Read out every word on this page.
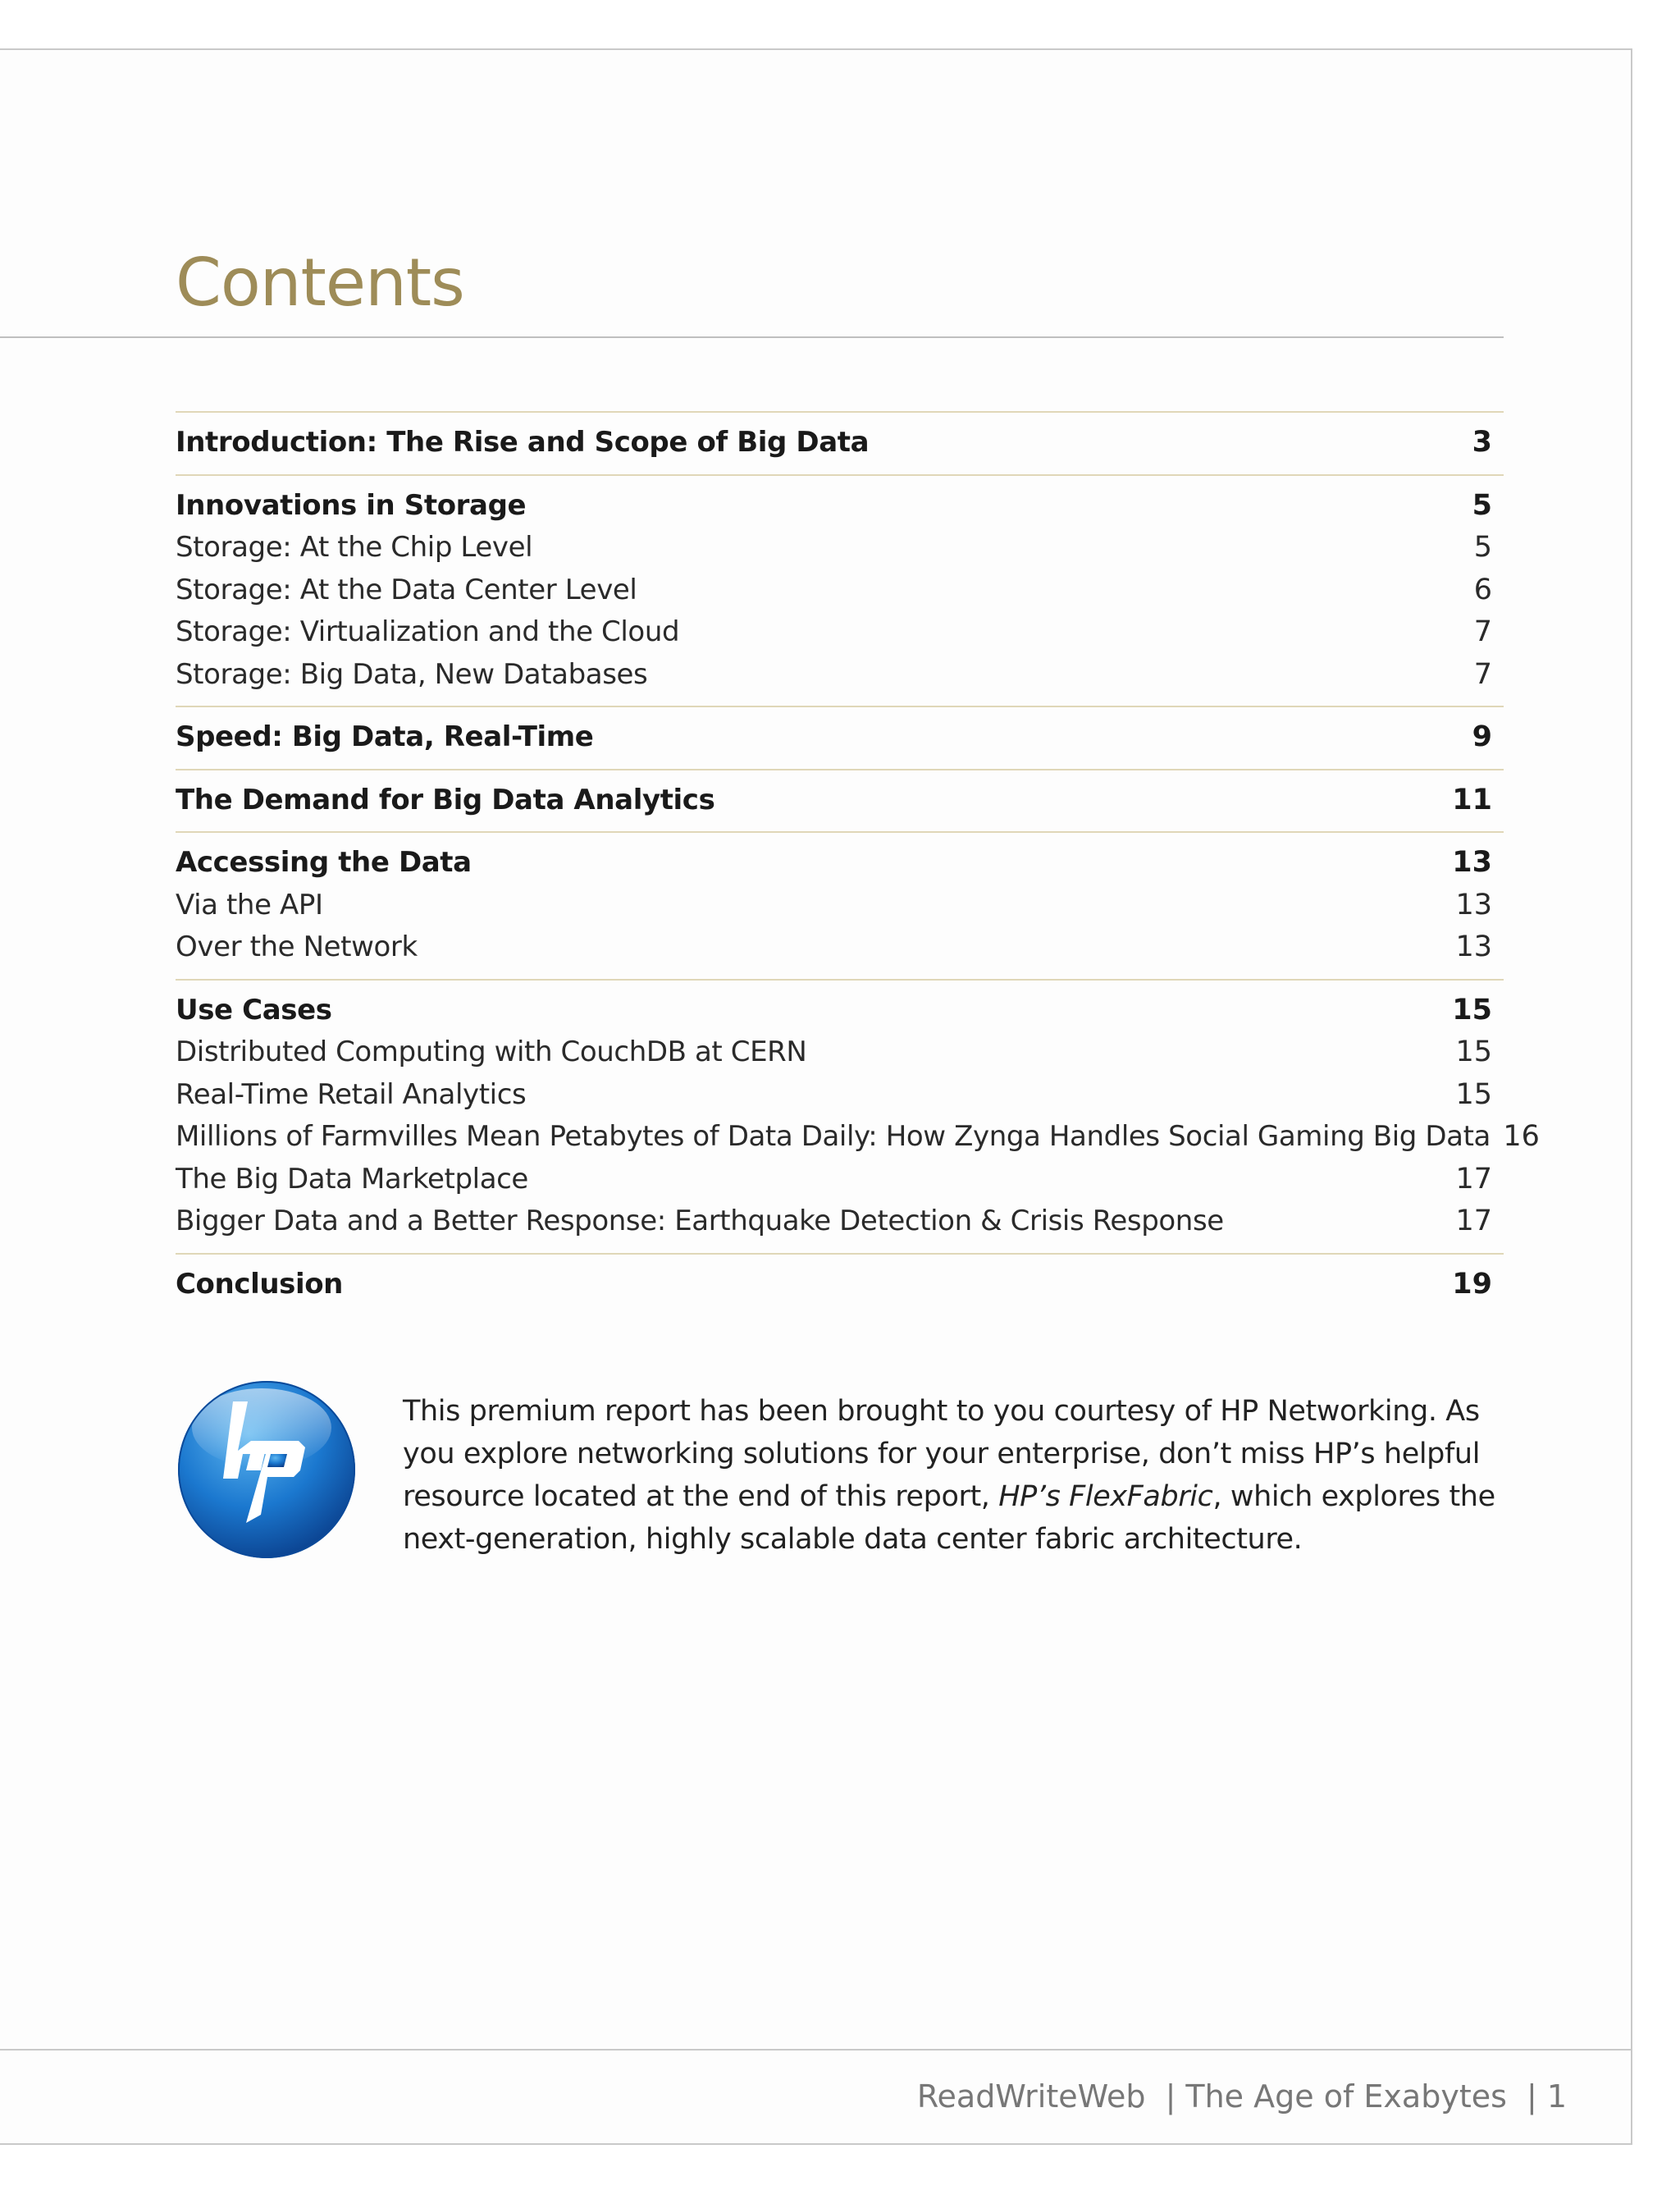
Contents
Introduction: The Rise and Scope of Big Data	3
Innovations in Storage	5
Storage: At the Chip Level	5
Storage: At the Data Center Level	6
Storage: Virtualization and the Cloud	7
Storage: Big Data, New Databases	7
Speed: Big Data, Real-Time	9
The Demand for Big Data Analytics	11
Accessing the Data	13
Via the API	13
Over the Network	13
Use Cases	15
Distributed Computing with CouchDB at CERN	15
Real-Time Retail Analytics	15
Millions of Farmvilles Mean Petabytes of Data Daily: How Zynga Handles Social Gaming Big Data 16
The Big Data Marketplace	17
Bigger Data and a Better Response: Earthquake Detection & Crisis Response	17
Conclusion	19
This premium report has been brought to you courtesy of HP Networking. As you explore networking solutions for your enterprise, don’t miss HP’s helpful resource located at the end of this report, HP’s FlexFabric, which explores the next-generation, highly scalable data center fabric architecture.
ReadWriteWeb | The Age of Exabytes | 1
